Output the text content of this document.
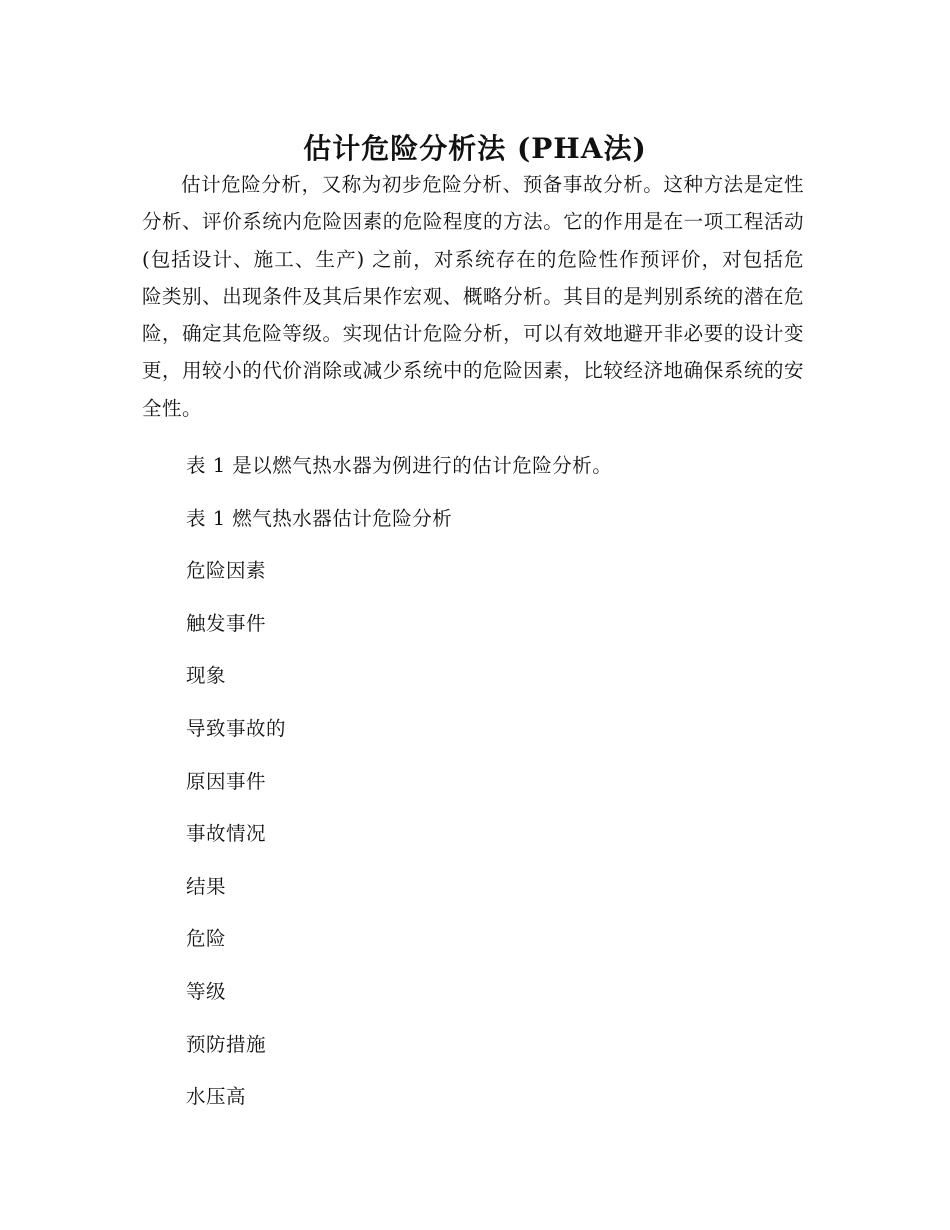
估计危险分析法 (PHA法)

估计危险分析，又称为初步危险分析、预备事故分析。这种方法是定性分析、评价系统内危险因素的危险程度的方法。它的作用是在一项工程活动(包括设计、施工、生产) 之前，对系统存在的危险性作预评价，对包括危险类别、出现条件及其后果作宏观、概略分析。其目的是判别系统的潜在危险，确定其危险等级。实现估计危险分析，可以有效地避开非必要的设计变更，用较小的代价消除或减少系统中的危险因素，比较经济地确保系统的安全性。

表 1 是以燃气热水器为例进行的估计危险分析。
表 1 燃气热水器估计危险分析
危险因素
触发事件
现象
导致事故的
原因事件
事故情况
结果
危险
等级
预防措施
水压高
